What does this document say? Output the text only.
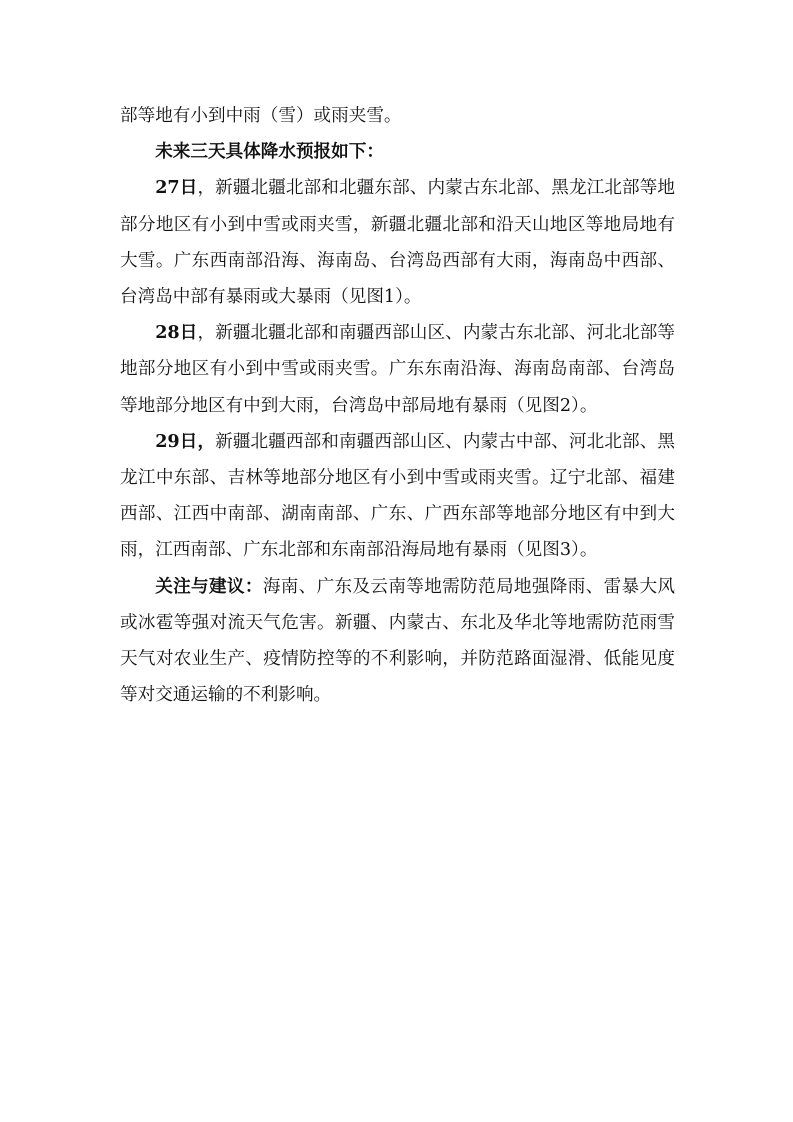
部等地有小到中雨（雪）或雨夹雪。

未来三天具体降水预报如下：

27日，新疆北疆北部和北疆东部、内蒙古东北部、黑龙江北部等地部分地区有小到中雪或雨夹雪，新疆北疆北部和沿天山地区等地局地有大雪。广东西南部沿海、海南岛、台湾岛西部有大雨，海南岛中西部、台湾岛中部有暴雨或大暴雨（见图1）。

28日，新疆北疆北部和南疆西部山区、内蒙古东北部、河北北部等地部分地区有小到中雪或雨夹雪。广东东南沿海、海南岛南部、台湾岛等地部分地区有中到大雨，台湾岛中部局地有暴雨（见图2）。

29日，新疆北疆西部和南疆西部山区、内蒙古中部、河北北部、黑龙江中东部、吉林等地部分地区有小到中雪或雨夹雪。辽宁北部、福建西部、江西中南部、湖南南部、广东、广西东部等地部分地区有中到大雨，江西南部、广东北部和东南部沿海局地有暴雨（见图3）。

关注与建议：海南、广东及云南等地需防范局地强降雨、雷暴大风或冰雹等强对流天气危害。新疆、内蒙古、东北及华北等地需防范雨雪天气对农业生产、疫情防控等的不利影响，并防范路面湿滑、低能见度等对交通运输的不利影响。
